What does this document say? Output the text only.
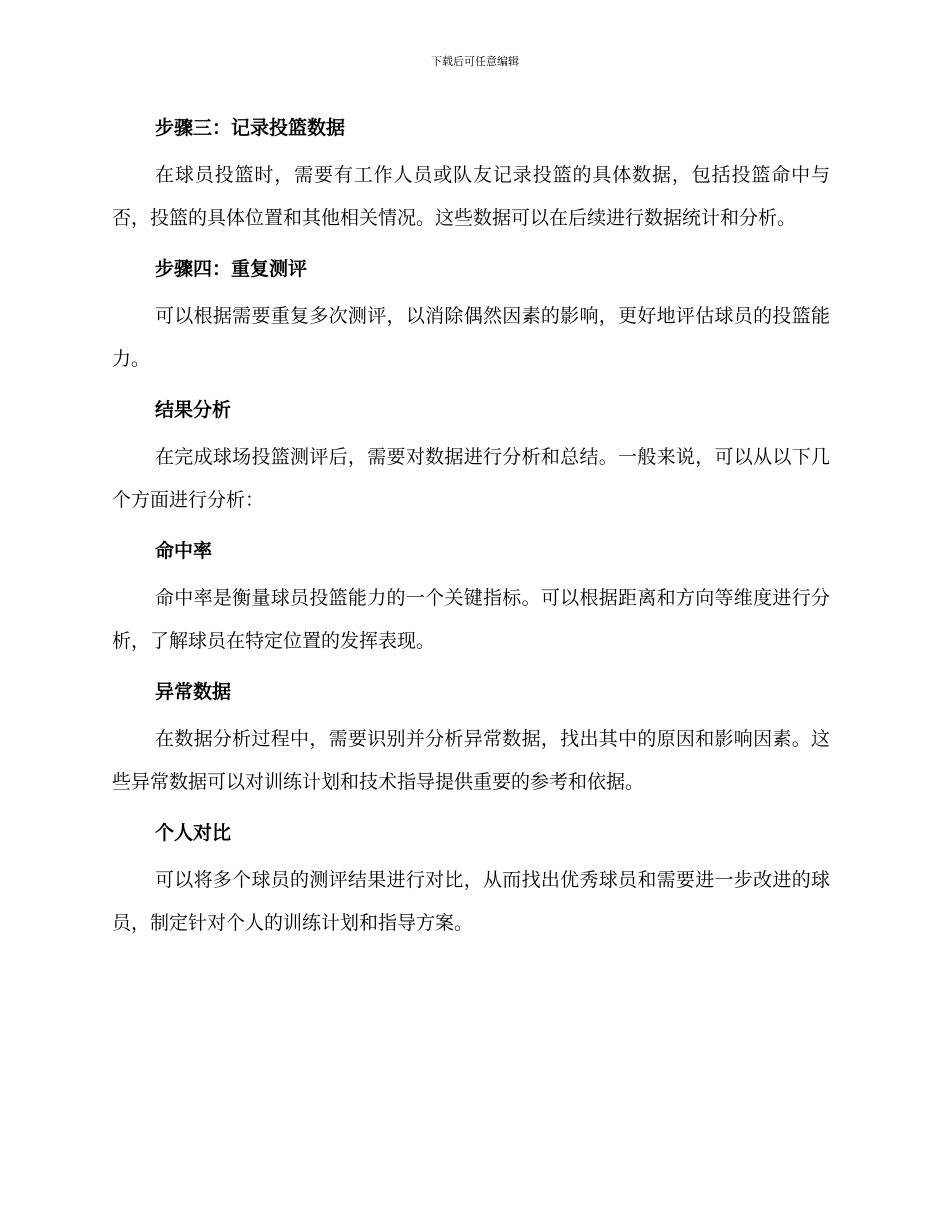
下载后可任意编辑
步骤三：记录投篮数据
在球员投篮时，需要有工作人员或队友记录投篮的具体数据，包括投篮命中与否，投篮的具体位置和其他相关情况。这些数据可以在后续进行数据统计和分析。
步骤四：重复测评
可以根据需要重复多次测评，以消除偶然因素的影响，更好地评估球员的投篮能力。
结果分析
在完成球场投篮测评后，需要对数据进行分析和总结。一般来说，可以从以下几个方面进行分析：
命中率
命中率是衡量球员投篮能力的一个关键指标。可以根据距离和方向等维度进行分析，了解球员在特定位置的发挥表现。
异常数据
在数据分析过程中，需要识别并分析异常数据，找出其中的原因和影响因素。这些异常数据可以对训练计划和技术指导提供重要的参考和依据。
个人对比
可以将多个球员的测评结果进行对比，从而找出优秀球员和需要进一步改进的球员，制定针对个人的训练计划和指导方案。
